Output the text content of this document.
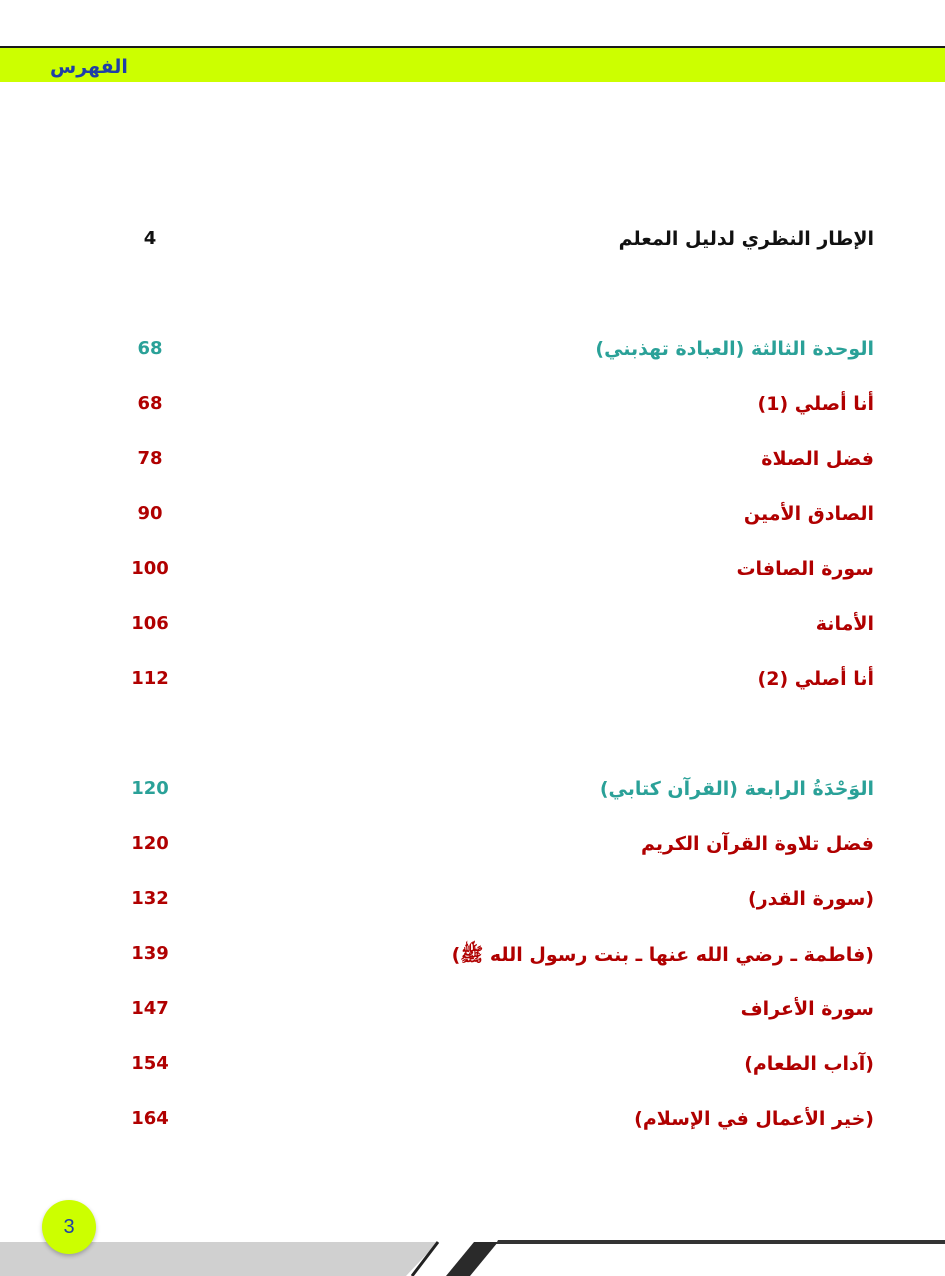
الفهرس
الإطار النظري لدليل المعلم
4
الوحدة الثالثة (العبادة تهذبني)
68
أنا أصلي (1)
68
فضل الصلاة
78
الصادق الأمين
90
سورة الصافات
100
الأمانة
106
أنا أصلي (2)
112
الوَحْدَةُ الرابعة (القرآن كتابي)
120
فضل تلاوة القرآن الكريم
120
(سورة القدر)
132
(فاطمة ـ رضي الله عنها ـ بنت رسول الله ﷺ)
139
سورة الأعراف
147
(آداب الطعام)
154
(خير الأعمال في الإسلام)
164
3
